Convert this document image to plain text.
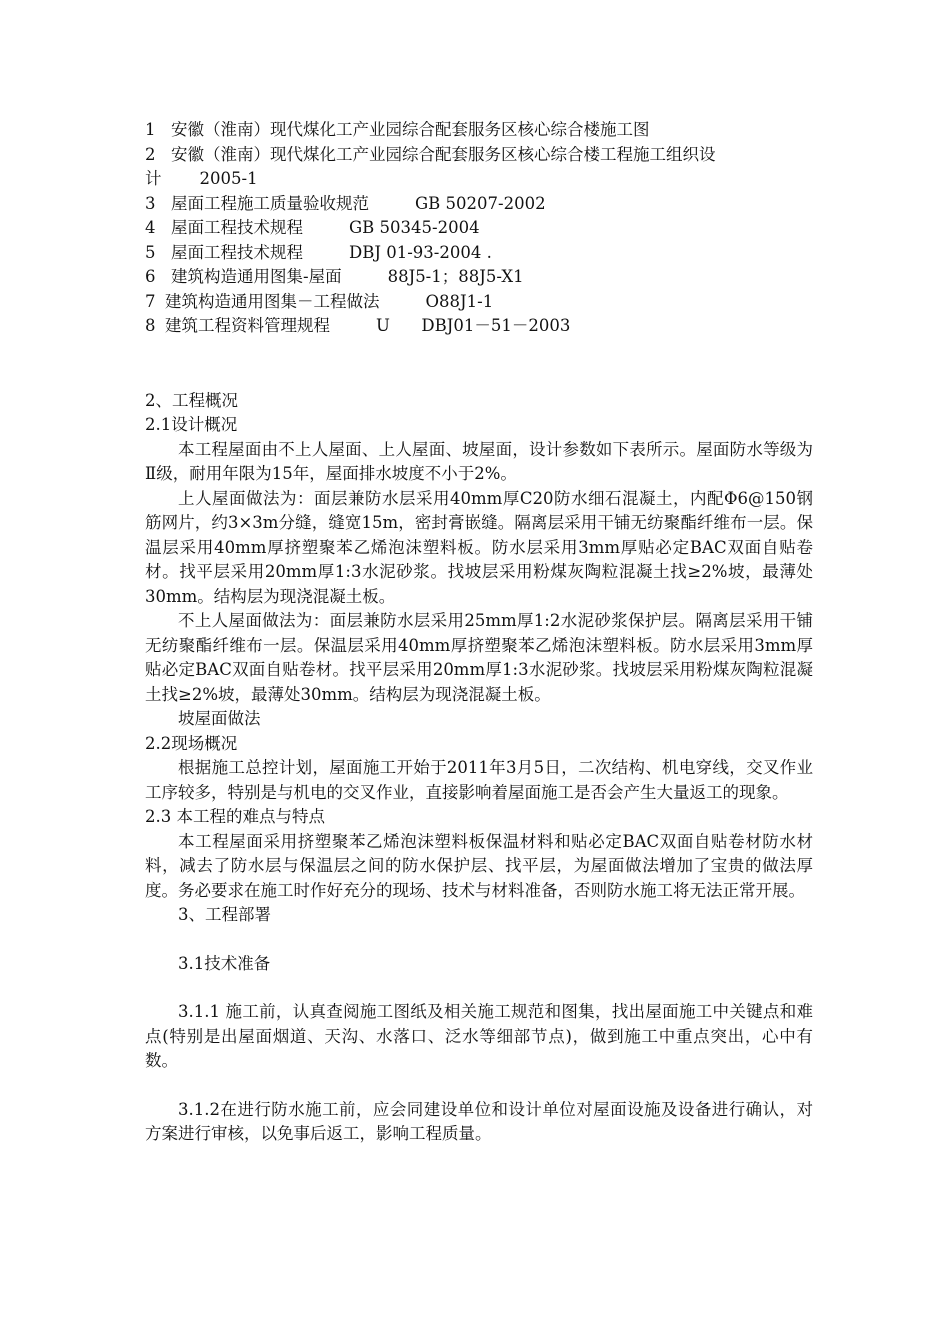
1 安徽（淮南）现代煤化工产业园综合配套服务区核心综合楼施工图
2 安徽（淮南）现代煤化工产业园综合配套服务区核心综合楼工程施工组织设
计 2005-1
3 屋面工程施工质量验收规范	GB 50207-2002
4 屋面工程技术规程	GB 50345-2004
5 屋面工程技术规程	DBJ 01-93-2004 .
6 建筑构造通用图集-屋面	88J5-1；88J5-X1
7 建筑构造通用图集－工程做法	O88J1-1
8 建筑工程资料管理规程	U      DBJ01－51－2003
2、工程概况
2.1设计概况

本工程屋面由不上人屋面、上人屋面、坡屋面，设计参数如下表所示。屋面防水等级为Ⅱ级，耐用年限为15年，屋面排水坡度不小于2%。

上人屋面做法为：面层兼防水层采用40mm厚C20防水细石混凝土，内配Φ6@150钢筋网片，约3×3m分缝，缝宽15m，密封膏嵌缝。隔离层采用干铺无纺聚酯纤维布一层。保温层采用40mm厚挤塑聚苯乙烯泡沫塑料板。防水层采用3mm厚贴必定BAC双面自贴卷材。找平层采用20mm厚1:3水泥砂浆。找坡层采用粉煤灰陶粒混凝土找≥2%坡，最薄处30mm。结构层为现浇混凝土板。

不上人屋面做法为：面层兼防水层采用25mm厚1:2水泥砂浆保护层。隔离层采用干铺无纺聚酯纤维布一层。保温层采用40mm厚挤塑聚苯乙烯泡沫塑料板。防水层采用3mm厚贴必定BAC双面自贴卷材。找平层采用20mm厚1:3水泥砂浆。找坡层采用粉煤灰陶粒混凝土找≥2%坡，最薄处30mm。结构层为现浇混凝土板。

坡屋面做法

2.2现场概况

根据施工总控计划，屋面施工开始于2011年3月5日，二次结构、机电穿线，交叉作业工序较多，特别是与机电的交叉作业，直接影响着屋面施工是否会产生大量返工的现象。

2.3 本工程的难点与特点

本工程屋面采用挤塑聚苯乙烯泡沫塑料板保温材料和贴必定BAC双面自贴卷材防水材料，减去了防水层与保温层之间的防水保护层、找平层，为屋面做法增加了宝贵的做法厚度。务必要求在施工时作好充分的现场、技术与材料准备，否则防水施工将无法正常开展。

3、工程部署
3.1技术准备

3.1.1 施工前，认真查阅施工图纸及相关施工规范和图集，找出屋面施工中关键点和难点(特别是出屋面烟道、天沟、水落口、泛水等细部节点)，做到施工中重点突出，心中有数。

3.1.2在进行防水施工前，应会同建设单位和设计单位对屋面设施及设备进行确认，对方案进行审核，以免事后返工，影响工程质量。
